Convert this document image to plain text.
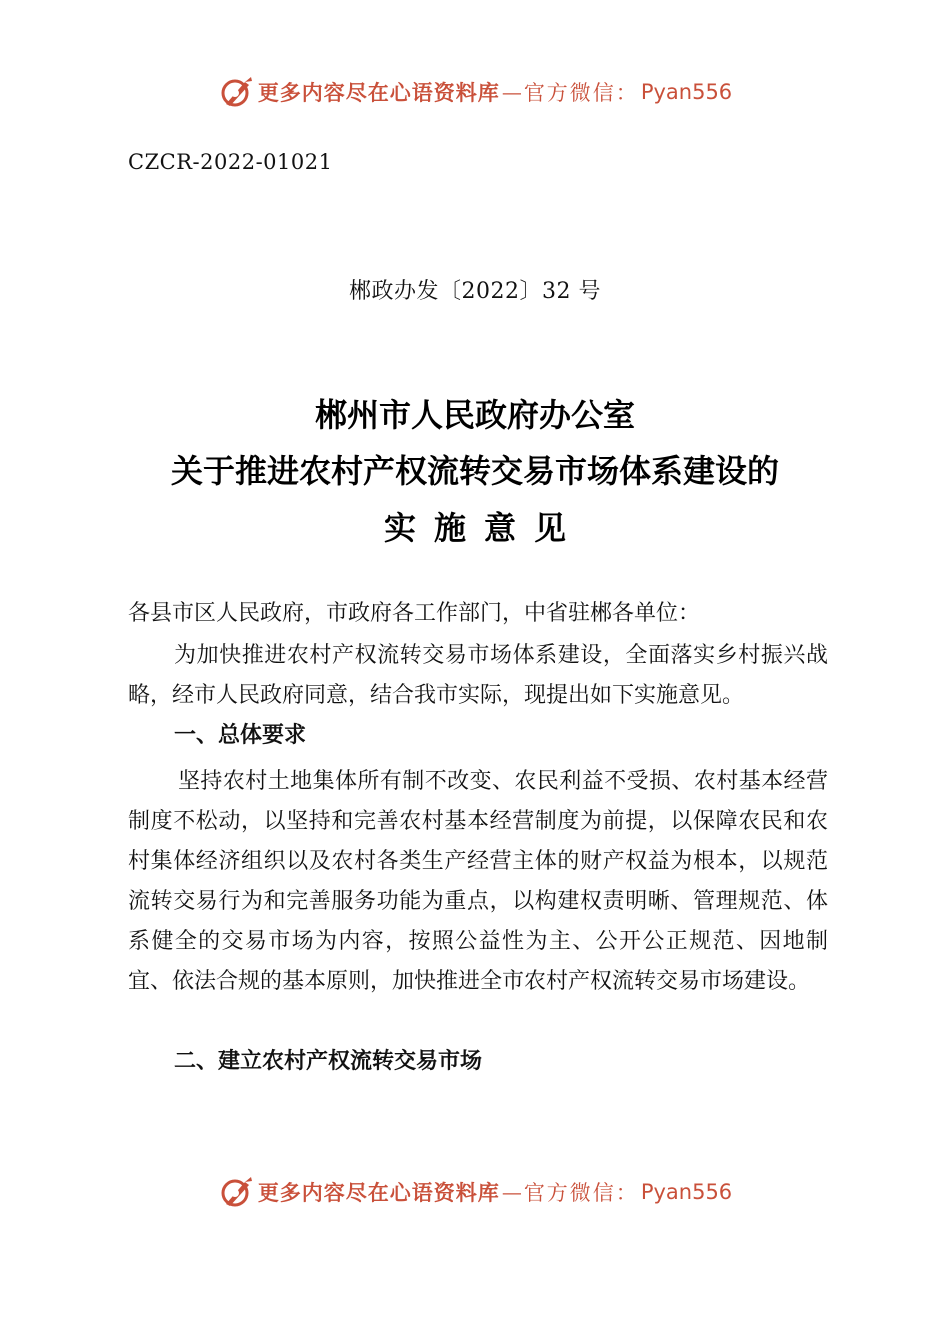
更多内容尽在心语资料库 — 官方微信： Pyan556
CZCR-2022-01021
郴政办发〔2022〕32 号
郴州市人民政府办公室
关于推进农村产权流转交易市场体系建设的
实施意见

各县市区人民政府，市政府各工作部门，中省驻郴各单位：

为加快推进农村产权流转交易市场体系建设，全面落实乡村振兴战略，经市人民政府同意，结合我市实际，现提出如下实施意见。

一、总体要求

坚持农村土地集体所有制不改变、农民利益不受损、农村基本经营制度不松动，以坚持和完善农村基本经营制度为前提，以保障农民和农村集体经济组织以及农村各类生产经营主体的财产权益为根本，以规范流转交易行为和完善服务功能为重点，以构建权责明晰、管理规范、体系健全的交易市场为内容，按照公益性为主、公开公正规范、因地制宜、依法合规的基本原则，加快推进全市农村产权流转交易市场建设。

二、建立农村产权流转交易市场
更多内容尽在心语资料库 — 官方微信： Pyan556
